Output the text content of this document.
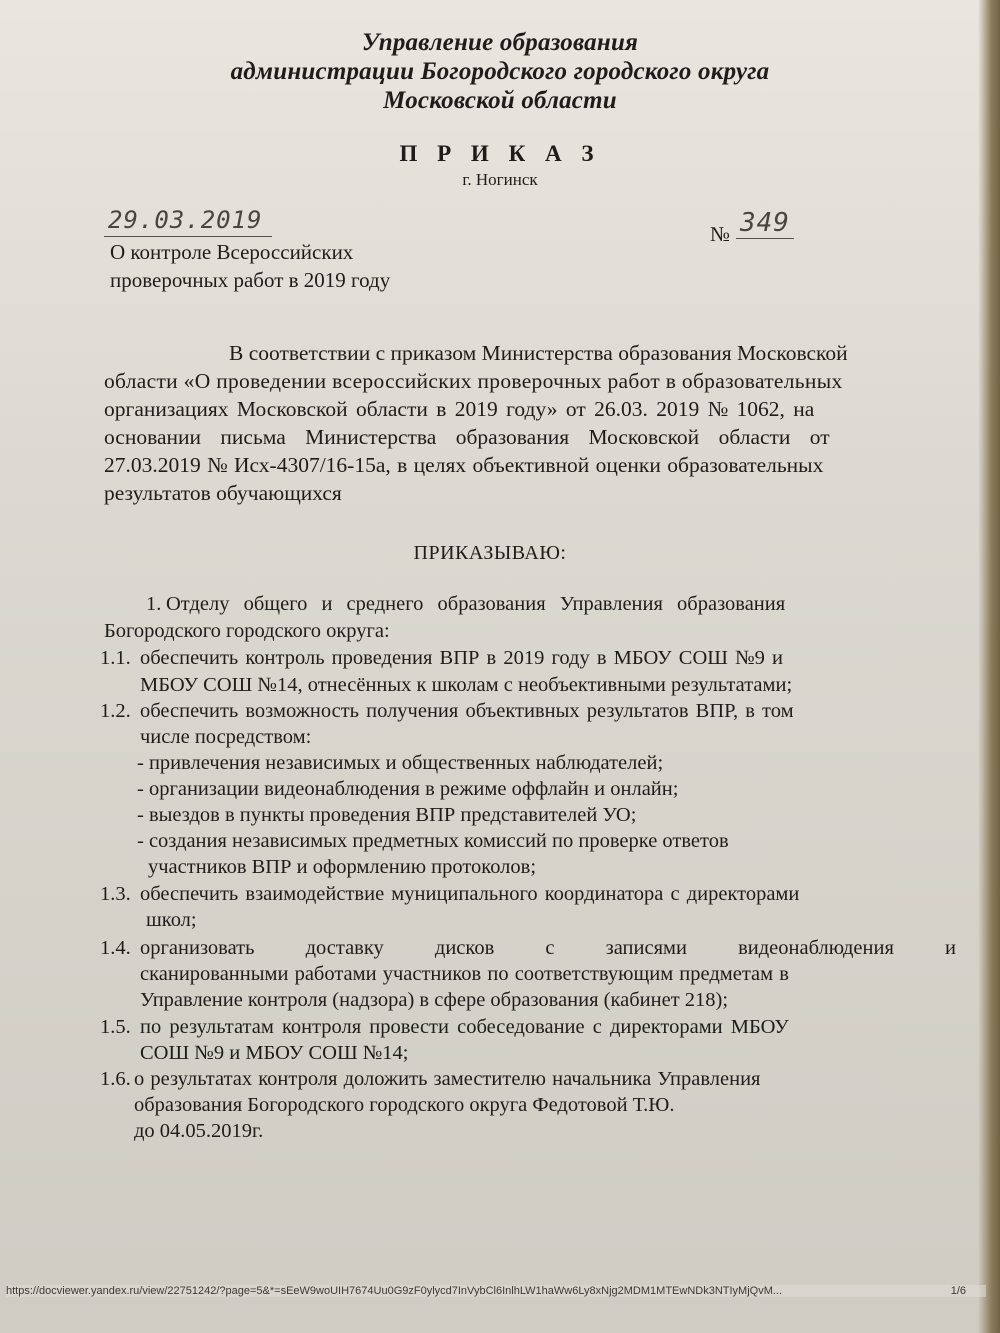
Управление образования
администрации Богородского городского округа
Московской области
П Р И К А З
г. Ногинск
29.03.2019	№ 349
О контроле Всероссийских
проверочных работ в 2019 году
В соответствии с приказом Министерства образования Московской
области «О проведении всероссийских проверочных работ в образовательных
организациях Московской области в 2019 году» от 26.03. 2019 № 1062, на
основании письма Министерства образования Московской области от
27.03.2019 № Исх-4307/16-15а, в целях объективной оценки образовательных
результатов обучающихся
ПРИКАЗЫВАЮ:
1. Отделу общего и среднего образования Управления образования
Богородского городского округа:
1.1. обеспечить контроль проведения ВПР в 2019 году в МБОУ СОШ №9 и
МБОУ СОШ №14, отнесённых к школам с необъективными результатами;
1.2. обеспечить возможность получения объективных результатов ВПР, в том
числе посредством:
- привлечения независимых и общественных наблюдателей;
- организации видеонаблюдения в режиме оффлайн и онлайн;
- выездов в пункты проведения ВПР представителей УО;
- создания независимых предметных комиссий по проверке ответов
участников ВПР и оформлению протоколов;
1.3. обеспечить взаимодействие муниципального координатора с директорами
школ;
1.4. организовать доставку дисков с записями видеонаблюдения и
сканированными работами участников по соответствующим предметам в
Управление контроля (надзора) в сфере образования (кабинет 218);
1.5. по результатам контроля провести собеседование с директорами МБОУ
СОШ №9 и МБОУ СОШ №14;
1.6. о результатах контроля доложить заместителю начальника Управления
образования Богородского городского округа Федотовой Т.Ю.
до 04.05.2019г.
https://docviewer.yandex.ru/view/22751242/?page=5&*=sEeW9woUIH7674Uu0G9zF0ylycd7InVybCl6InlhLW1haWw6Ly8xNjg2MDM1MTEwNDk3NTIyMjQvM...	1/6
